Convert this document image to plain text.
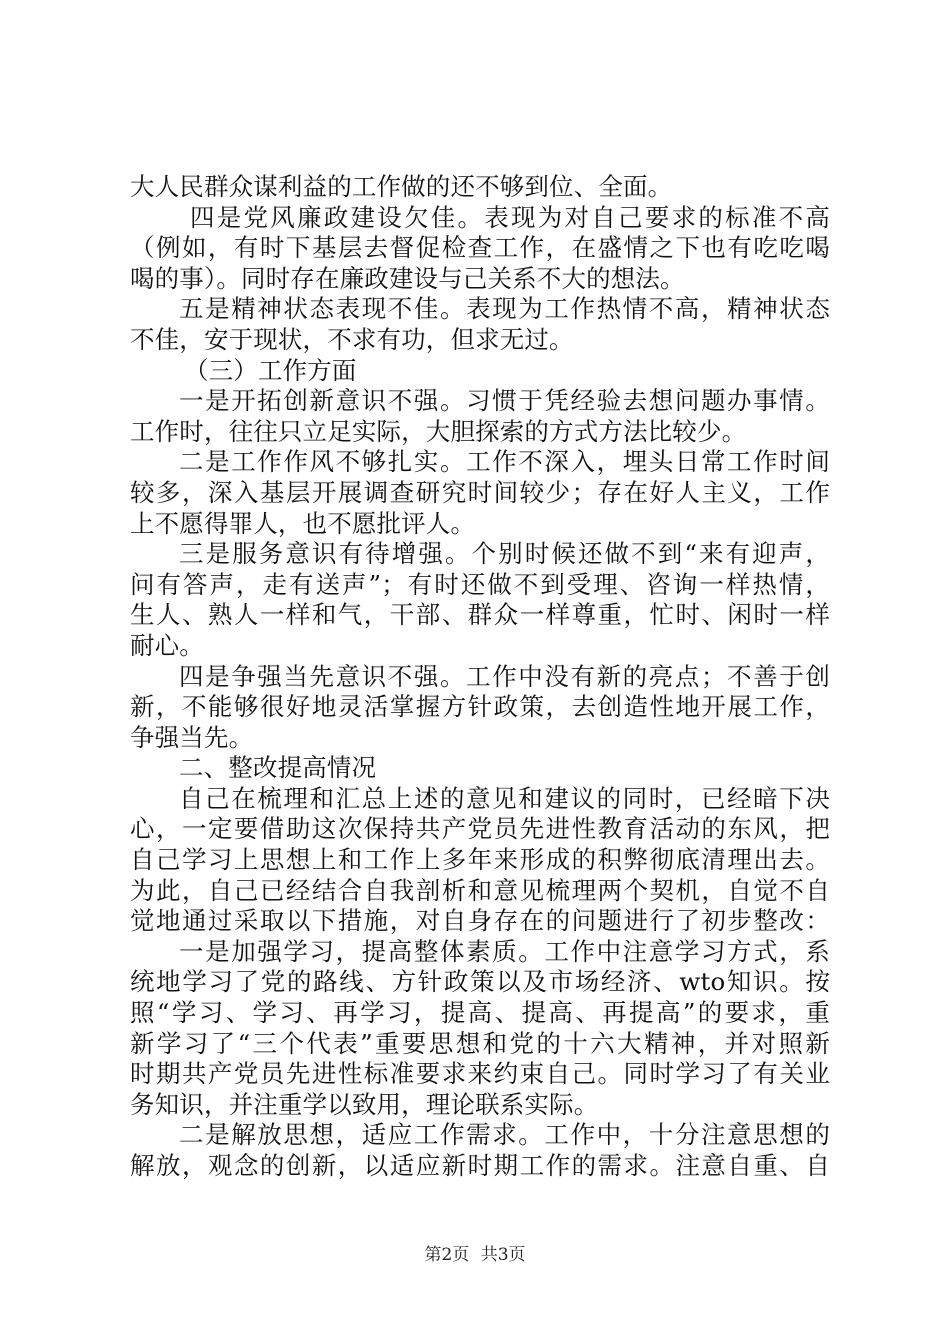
大人民群众谋利益的工作做的还不够到位、全面。
四是党风廉政建设欠佳。表现为对自己要求的标准不高
（例如，有时下基层去督促检查工作，在盛情之下也有吃吃喝
喝的事）。同时存在廉政建设与己关系不大的想法。
五是精神状态表现不佳。表现为工作热情不高，精神状态
不佳，安于现状，不求有功，但求无过。
（三）工作方面
一是开拓创新意识不强。习惯于凭经验去想问题办事情。
工作时，往往只立足实际，大胆探索的方式方法比较少。
二是工作作风不够扎实。工作不深入，埋头日常工作时间
较多，深入基层开展调查研究时间较少；存在好人主义，工作
上不愿得罪人，也不愿批评人。
三是服务意识有待增强。个别时候还做不到“来有迎声，
问有答声，走有送声”；有时还做不到受理、咨询一样热情，
生人、熟人一样和气，干部、群众一样尊重，忙时、闲时一样
耐心。
四是争强当先意识不强。工作中没有新的亮点；不善于创
新，不能够很好地灵活掌握方针政策，去创造性地开展工作，
争强当先。
二、整改提高情况
自己在梳理和汇总上述的意见和建议的同时，已经暗下决
心，一定要借助这次保持共产党员先进性教育活动的东风，把
自己学习上思想上和工作上多年来形成的积弊彻底清理出去。
为此，自己已经结合自我剖析和意见梳理两个契机，自觉不自
觉地通过采取以下措施，对自身存在的问题进行了初步整改：
一是加强学习，提高整体素质。工作中注意学习方式，系
统地学习了党的路线、方针政策以及市场经济、wto知识。按
照“学习、学习、再学习，提高、提高、再提高”的要求，重
新学习了“三个代表”重要思想和党的十六大精神，并对照新
时期共产党员先进性标准要求来约束自己。同时学习了有关业
务知识，并注重学以致用，理论联系实际。
二是解放思想，适应工作需求。工作中，十分注意思想的
解放，观念的创新，以适应新时期工作的需求。注意自重、自
第2页 共3页
